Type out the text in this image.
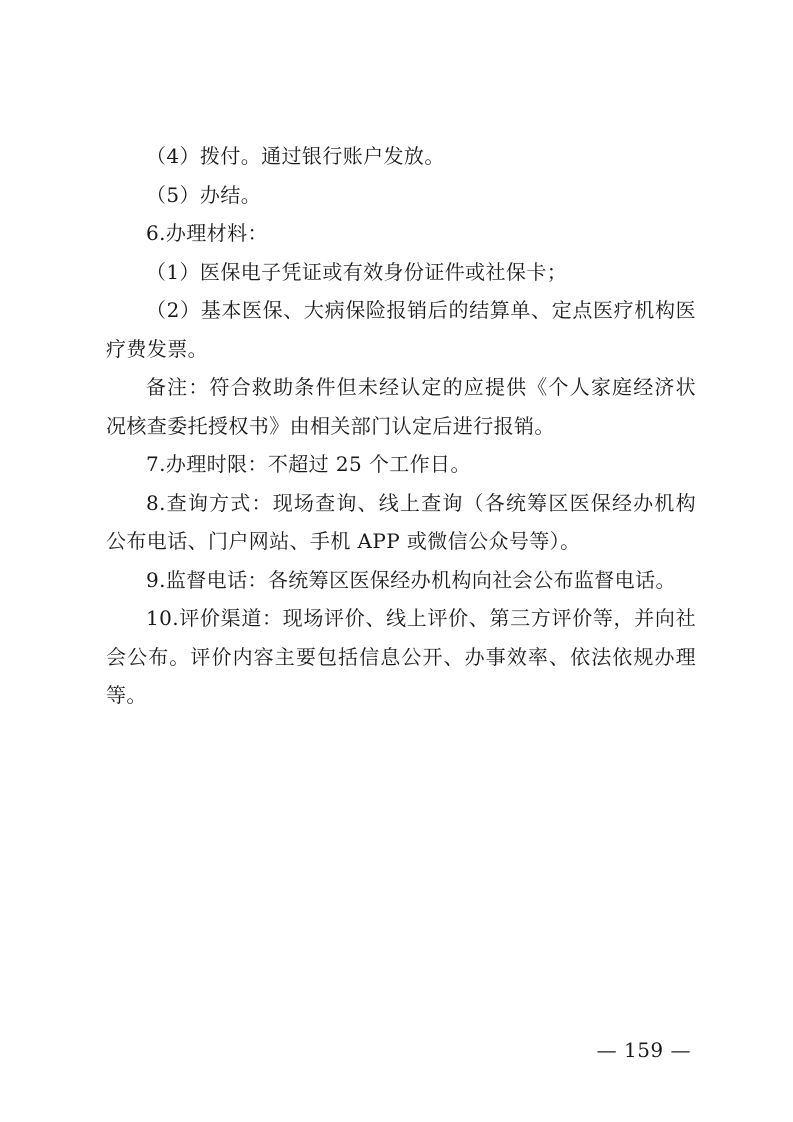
（4）拨付。通过银行账户发放。

（5）办结。

6.办理材料：

（1）医保电子凭证或有效身份证件或社保卡；

（2）基本医保、大病保险报销后的结算单、定点医疗机构医疗费发票。

备注：符合救助条件但未经认定的应提供《个人家庭经济状况核查委托授权书》由相关部门认定后进行报销。

7.办理时限：不超过 25 个工作日。

8.查询方式：现场查询、线上查询（各统筹区医保经办机构公布电话、门户网站、手机 APP 或微信公众号等）。

9.监督电话：各统筹区医保经办机构向社会公布监督电话。

10.评价渠道：现场评价、线上评价、第三方评价等，并向社会公布。评价内容主要包括信息公开、办事效率、依法依规办理等。

— 159 —
